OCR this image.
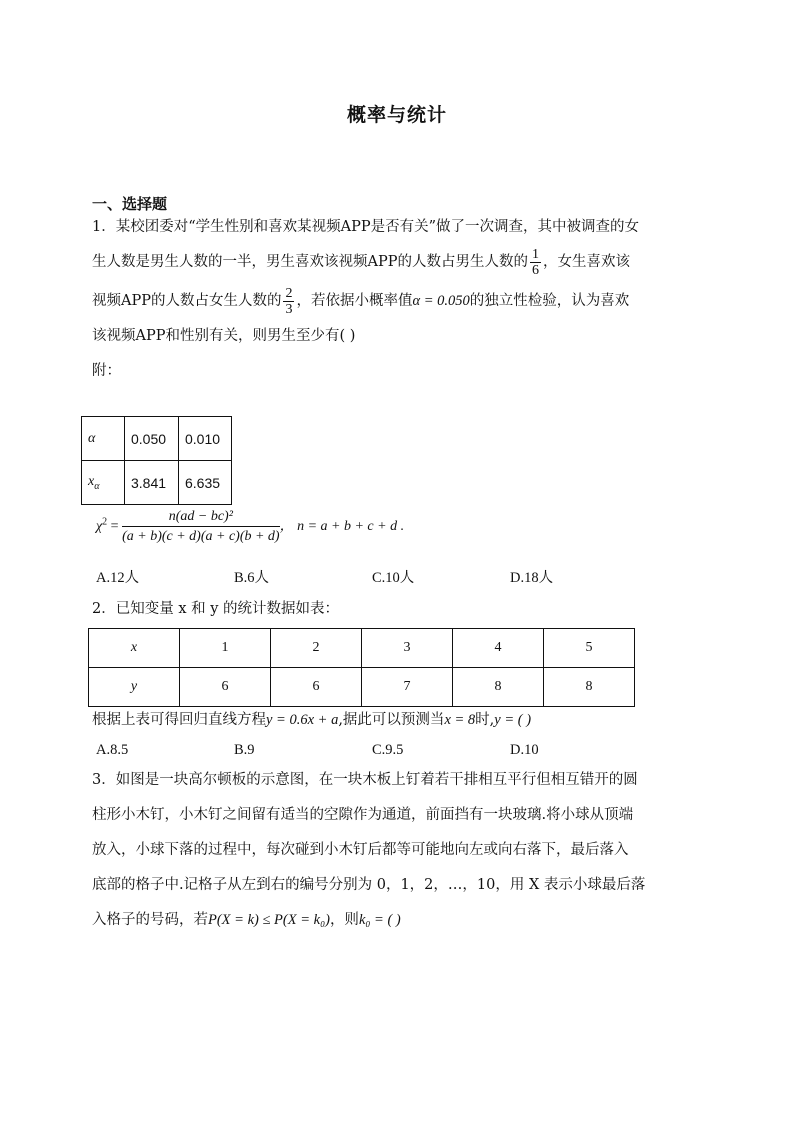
概率与统计
一、选择题
1．某校团委对“学生性别和喜欢某视频APP是否有关”做了一次调查，其中被调查的女
生人数是男生人数的一半，男生喜欢该视频APP的人数占男生人数的 $\frac{1}{6}$ ，女生喜欢该
视频APP的人数占女生人数的 $\frac{2}{3}$ ，若依据小概率值α = 0.050的独立性检验，认为喜欢
该视频APP和性别有关，则男生至少有( )
附：
α	0.050	0.010
$x_\alpha$	3.841	6.635
$\chi^2 = \frac{\text{n(ad − bc)²}}{(a + b)(c + d)(a + c)(b + d)}$ ， n = a + b + c + d .
A.12人	B.6人	C.10人	D.18人
2．已知变量 x 和 y 的统计数据如表：
x	1	2	3	4	5
y	6	6	7	8	8
根据上表可得回归直线方程y = 0.6x + a,据此可以预测当x = 8时,y = ( )
A.8.5	B.9	C.9.5	D.10
3．如图是一块高尔顿板的示意图，在一块木板上钉着若干排相互平行但相互错开的圆
柱形小木钉，小木钉之间留有适当的空隙作为通道，前面挡有一块玻璃.将小球从顶端
放入，小球下落的过程中，每次碰到小木钉后都等可能地向左或向右落下，最后落入
底部的格子中.记格子从左到右的编号分别为 0，1，2，…，10，用 X 表示小球最后落
入格子的号码，若P(X = k) ≤ P(X = k₀)，则k₀ = ( )
